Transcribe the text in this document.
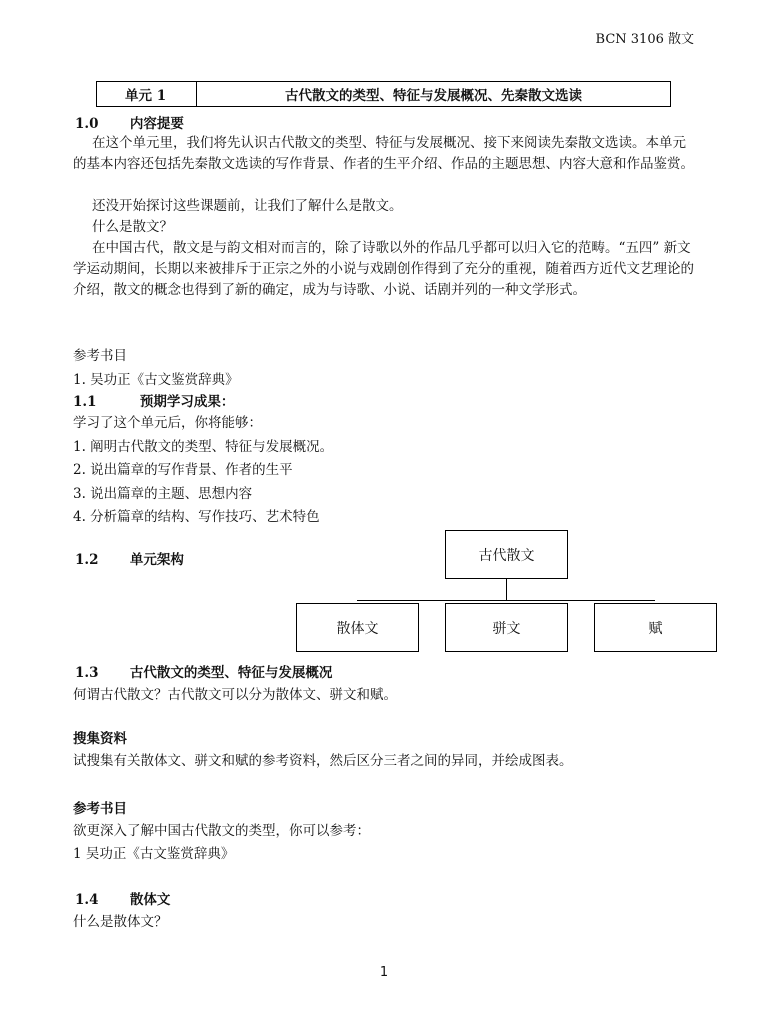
BCN 3106 散文
单元 1	古代散文的类型、特征与发展概况、先秦散文选读
1.0 内容提要
在这个单元里，我们将先认识古代散文的类型、特征与发展概况、接下来阅读先秦散文选读。本单元的基本内容还包括先秦散文选读的写作背景、作者的生平介绍、作品的主题思想、内容大意和作品鉴赏。
还没开始探讨这些课题前，让我们了解什么是散文。
什么是散文？
在中国古代，散文是与韵文相对而言的，除了诗歌以外的作品几乎都可以归入它的范畴。“五四” 新文学运动期间，长期以来被排斥于正宗之外的小说与戏剧创作得到了充分的重视，随着西方近代文艺理论的介绍，散文的概念也得到了新的确定，成为与诗歌、小说、话剧并列的一种文学形式。
参考书目
1. 吴功正《古文鉴赏辞典》
1.1	预期学习成果：
学习了这个单元后，你将能够：
1. 阐明古代散文的类型、特征与发展概况。
2. 说出篇章的写作背景、作者的生平
3. 说出篇章的主题、思想内容
4. 分析篇章的结构、写作技巧、艺术特色
1.2 单元架构	古代散文
散体文	骈文	赋
1.3 古代散文的类型、特征与发展概况
何谓古代散文？古代散文可以分为散体文、骈文和赋。
搜集资料
试搜集有关散体文、骈文和赋的参考资料，然后区分三者之间的异同，并绘成图表。
参考书目
欲更深入了解中国古代散文的类型，你可以参考：
1 吴功正《古文鉴赏辞典》
1.4 散体文
什么是散体文？
1
